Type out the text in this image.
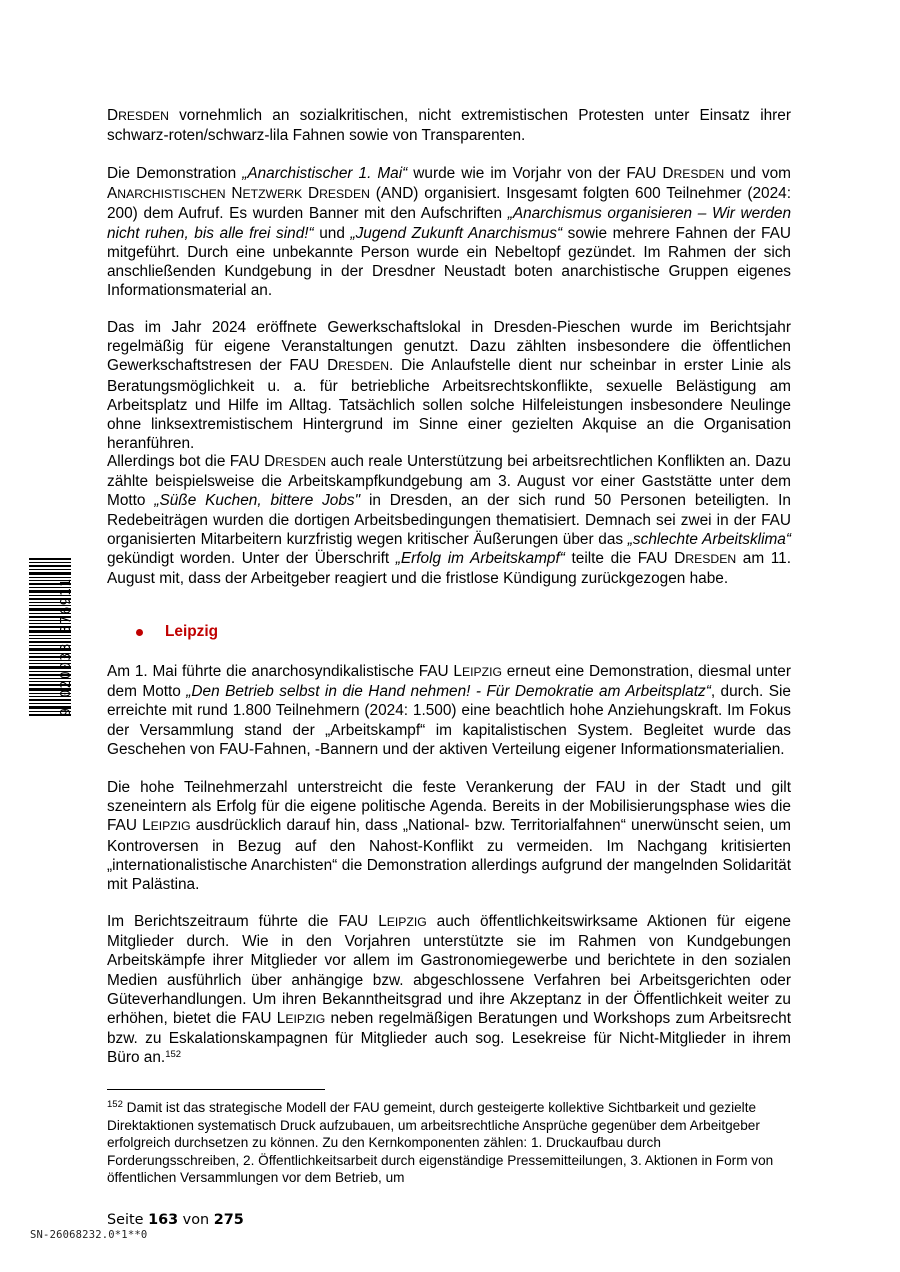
DRESDEN vornehmlich an sozialkritischen, nicht extremistischen Protesten unter Einsatz ihrer schwarz-roten/schwarz-lila Fahnen sowie von Transparenten.

Die Demonstration „Anarchistischer 1. Mai“ wurde wie im Vorjahr von der FAU DRESDEN und vom ANARCHISTISCHEN NETZWERK DRESDEN (AND) organisiert. Insgesamt folgten 600 Teilnehmer (2024: 200) dem Aufruf. Es wurden Banner mit den Aufschriften „Anarchismus organisieren – Wir werden nicht ruhen, bis alle frei sind!“ und „Jugend Zukunft Anarchismus“ sowie mehrere Fahnen der FAU mitgeführt. Durch eine unbekannte Person wurde ein Nebeltopf gezündet. Im Rahmen der sich anschließenden Kundgebung in der Dresdner Neustadt boten anarchistische Gruppen eigenes Informationsmaterial an.

Das im Jahr 2024 eröffnete Gewerkschaftslokal in Dresden-Pieschen wurde im Berichtsjahr regelmäßig für eigene Veranstaltungen genutzt. Dazu zählten insbesondere die öffentlichen Gewerkschaftstresen der FAU DRESDEN. Die Anlaufstelle dient nur scheinbar in erster Linie als Beratungsmöglichkeit u. a. für betriebliche Arbeitsrechtskonflikte, sexuelle Belästigung am Arbeitsplatz und Hilfe im Alltag. Tatsächlich sollen solche Hilfeleistungen insbesondere Neulinge ohne linksextremistischem Hintergrund im Sinne einer gezielten Akquise an die Organisation heranführen.

Allerdings bot die FAU DRESDEN auch reale Unterstützung bei arbeitsrechtlichen Konflikten an. Dazu zählte beispielsweise die Arbeitskampfkundgebung am 3. August vor einer Gaststätte unter dem Motto „Süße Kuchen, bittere Jobs" in Dresden, an der sich rund 50 Personen beteiligten. In Redebeiträgen wurden die dortigen Arbeitsbedingungen thematisiert. Demnach sei zwei in der FAU organisierten Mitarbeitern kurzfristig wegen kritischer Äußerungen über das „schlechte Arbeitsklima“ gekündigt worden. Unter der Überschrift „Erfolg im Arbeitskampf“ teilte die FAU DRESDEN am 11. August mit, dass der Arbeitgeber reagiert und die fristlose Kündigung zurückgezogen habe.

Leipzig

Am 1. Mai führte die anarchosyndikalistische FAU LEIPZIG erneut eine Demonstration, diesmal unter dem Motto „Den Betrieb selbst in die Hand nehmen! - Für Demokratie am Arbeitsplatz“, durch. Sie erreichte mit rund 1.800 Teilnehmern (2024: 1.500) eine beachtlich hohe Anziehungskraft. Im Fokus der Versammlung stand der „Arbeitskampf“ im kapitalistischen System. Begleitet wurde das Geschehen von FAU-Fahnen, -Bannern und der aktiven Verteilung eigener Informationsmaterialien.

Die hohe Teilnehmerzahl unterstreicht die feste Verankerung der FAU in der Stadt und gilt szeneintern als Erfolg für die eigene politische Agenda. Bereits in der Mobilisierungsphase wies die FAU LEIPZIG ausdrücklich darauf hin, dass „National- bzw. Territorialfahnen“ unerwünscht seien, um Kontroversen in Bezug auf den Nahost-Konflikt zu vermeiden. Im Nachgang kritisierten „internationalistische Anarchisten“ die Demonstration allerdings aufgrund der mangelnden Solidarität mit Palästina.

Im Berichtszeitraum führte die FAU LEIPZIG auch öffentlichkeitswirksame Aktionen für eigene Mitglieder durch. Wie in den Vorjahren unterstützte sie im Rahmen von Kundgebungen Arbeitskämpfe ihrer Mitglieder vor allem im Gastronomiegewerbe und berichtete in den sozialen Medien ausführlich über anhängige bzw. abgeschlossene Verfahren bei Arbeitsgerichten oder Güteverhandlungen. Um ihren Bekanntheitsgrad und ihre Akzeptanz in der Öffentlichkeit weiter zu erhöhen, bietet die FAU LEIPZIG neben regelmäßigen Beratungen und Workshops zum Arbeitsrecht bzw. zu Eskalationskampagnen für Mitglieder auch sog. Lesekreise für Nicht-Mitglieder in ihrem Büro an.$^{152}$

$^{152}$ Damit ist das strategische Modell der FAU gemeint, durch gesteigerte kollektive Sichtbarkeit und gezielte Direktaktionen systematisch Druck aufzubauen, um arbeitsrechtliche Ansprüche gegenüber dem Arbeitgeber erfolgreich durchsetzen zu können. Zu den Kernkomponenten zählen: 1. Druckaufbau durch Forderungsschreiben, 2. Öffentlichkeitsarbeit durch eigenständige Pressemitteilungen, 3. Aktionen in Form von öffentlichen Versammlungen vor dem Betrieb, um
Seite 163 von 275
SN-26068232.0*1**0
9 020033 376911
